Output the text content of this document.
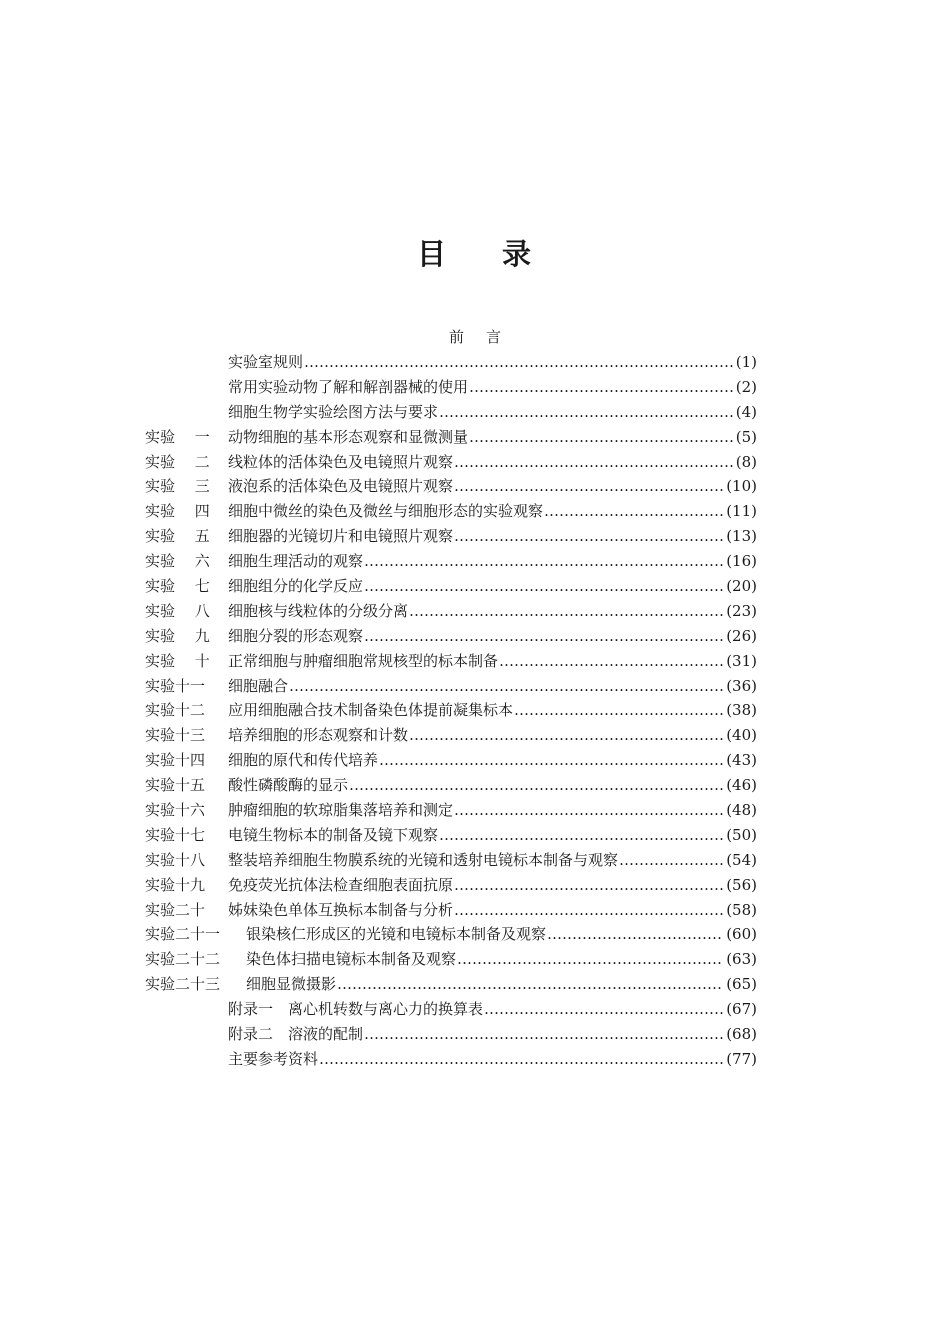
目 录
前 言
实验室规则 ……………………………………………………………………………………………………………………………………………………	(1)
常用实验动物了解和解剖器械的使用 ……………………………………………………………………………………………………………………………………………………	(2)
细胞生物学实验绘图方法与要求 ……………………………………………………………………………………………………………………………………………………	(4)
实验　 一 动物细胞的基本形态观察和显微测量 ……………………………………………………………………………………………………………………………………………………	(5)
实验　 二 线粒体的活体染色及电镜照片观察 ……………………………………………………………………………………………………………………………………………………	(8)
实验　 三 液泡系的活体染色及电镜照片观察 ……………………………………………………………………………………………………………………………………………………	(10)
实验　 四 细胞中微丝的染色及微丝与细胞形态的实验观察 ……………………………………………………………………………………………………………………………………………………	(11)
实验　 五 细胞器的光镜切片和电镜照片观察 ……………………………………………………………………………………………………………………………………………………	(13)
实验　 六 细胞生理活动的观察 ……………………………………………………………………………………………………………………………………………………	(16)
实验　 七 细胞组分的化学反应 ……………………………………………………………………………………………………………………………………………………	(20)
实验　 八 细胞核与线粒体的分级分离 ……………………………………………………………………………………………………………………………………………………	(23)
实验　 九 细胞分裂的形态观察 ……………………………………………………………………………………………………………………………………………………	(26)
实验　 十 正常细胞与肿瘤细胞常规核型的标本制备 ……………………………………………………………………………………………………………………………………………………	(31)
实验十一 细胞融合 ……………………………………………………………………………………………………………………………………………………	(36)
实验十二 应用细胞融合技术制备染色体提前凝集标本 ……………………………………………………………………………………………………………………………………………………	(38)
实验十三 培养细胞的形态观察和计数 ……………………………………………………………………………………………………………………………………………………	(40)
实验十四 细胞的原代和传代培养 ……………………………………………………………………………………………………………………………………………………	(43)
实验十五 酸性磷酸酶的显示 ……………………………………………………………………………………………………………………………………………………	(46)
实验十六 肿瘤细胞的软琼脂集落培养和测定 ……………………………………………………………………………………………………………………………………………………	(48)
实验十七 电镜生物标本的制备及镜下观察 ……………………………………………………………………………………………………………………………………………………	(50)
实验十八 整装培养细胞生物膜系统的光镜和透射电镜标本制备与观察 ……………………………………………………………………………………………………………………………………………………	(54)
实验十九 免疫荧光抗体法检查细胞表面抗原 ……………………………………………………………………………………………………………………………………………………	(56)
实验二十 姊妹染色单体互换标本制备与分析 ……………………………………………………………………………………………………………………………………………………	(58)
实验二十一 银染核仁形成区的光镜和电镜标本制备及观察 ……………………………………………………………………………………………………………………………………………………	(60)
实验二十二 染色体扫描电镜标本制备及观察 ……………………………………………………………………………………………………………………………………………………	(63)
实验二十三 细胞显微摄影 ……………………………………………………………………………………………………………………………………………………	(65)
附录一　离心机转数与离心力的换算表 ……………………………………………………………………………………………………………………………………………………	(67)
附录二　溶液的配制 ……………………………………………………………………………………………………………………………………………………	(68)
主要参考资料 ……………………………………………………………………………………………………………………………………………………	(77)
